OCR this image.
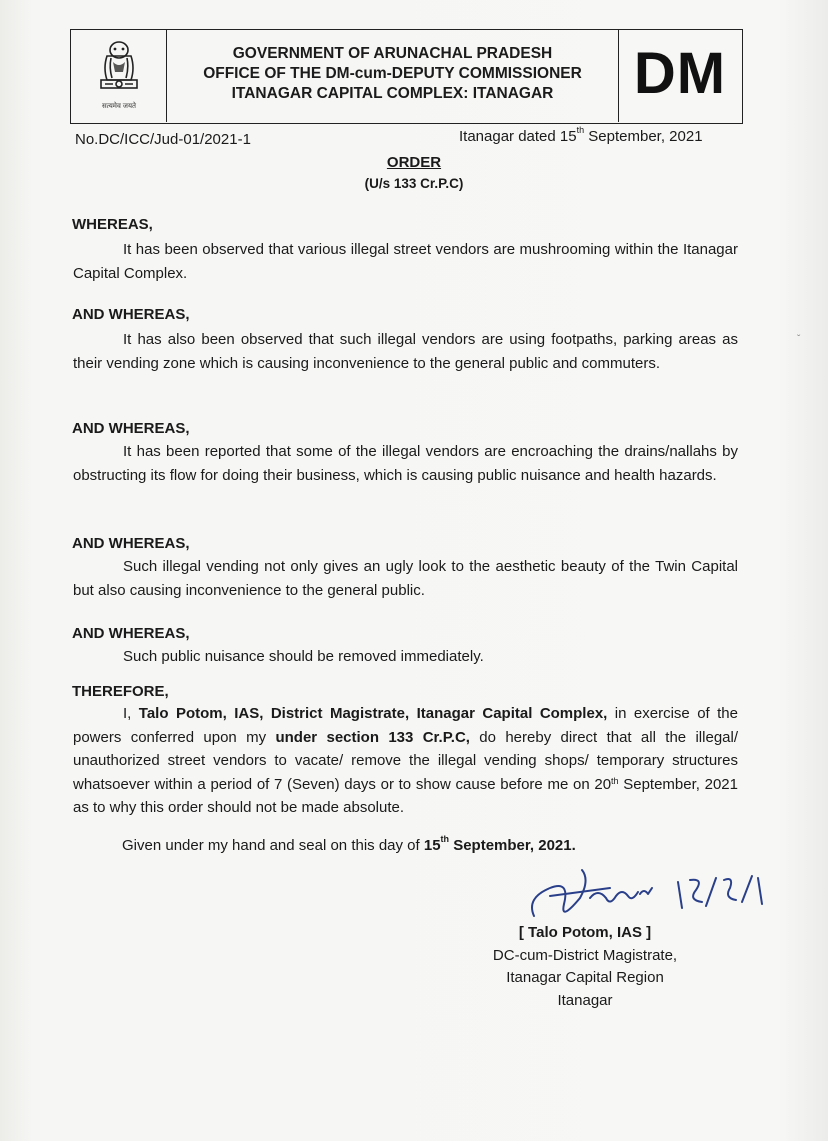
सत्यमेव जयते
GOVERNMENT OF ARUNACHAL PRADESH
OFFICE OF THE DM-cum-DEPUTY COMMISSIONER
ITANAGAR CAPITAL COMPLEX: ITANAGAR	DM
No.DC/ICC/Jud-01/2021-1	Itanagar dated 15th September, 2021
ORDER
(U/s 133 Cr.P.C)
WHEREAS,

It has been observed that various illegal street vendors are mushrooming within the Itanagar Capital Complex.

AND WHEREAS,

It has also been observed that such illegal vendors are using footpaths, parking areas as their vending zone which is causing inconvenience to the general public and commuters.

AND WHEREAS,

It has been reported that some of the illegal vendors are encroaching the drains/nallahs by obstructing its flow for doing their business, which is causing public nuisance and health hazards.

AND WHEREAS,

Such illegal vending not only gives an ugly look to the aesthetic beauty of the Twin Capital but also causing inconvenience to the general public.

AND WHEREAS,

Such public nuisance should be removed immediately.

THEREFORE,

I, Talo Potom, IAS, District Magistrate, Itanagar Capital Complex, in exercise of the powers conferred upon my under section 133 Cr.P.C, do hereby direct that all the illegal/ unauthorized street vendors to vacate/ remove the illegal vending shops/ temporary structures whatsoever within a period of 7 (Seven) days or to show cause before me on 20th September, 2021 as to why this order should not be made absolute.

Given under my hand and seal on this day of 15th September, 2021.
[ Talo Potom, IAS ]
DC-cum-District Magistrate,
Itanagar Capital Region
Itanagar
ˇ
